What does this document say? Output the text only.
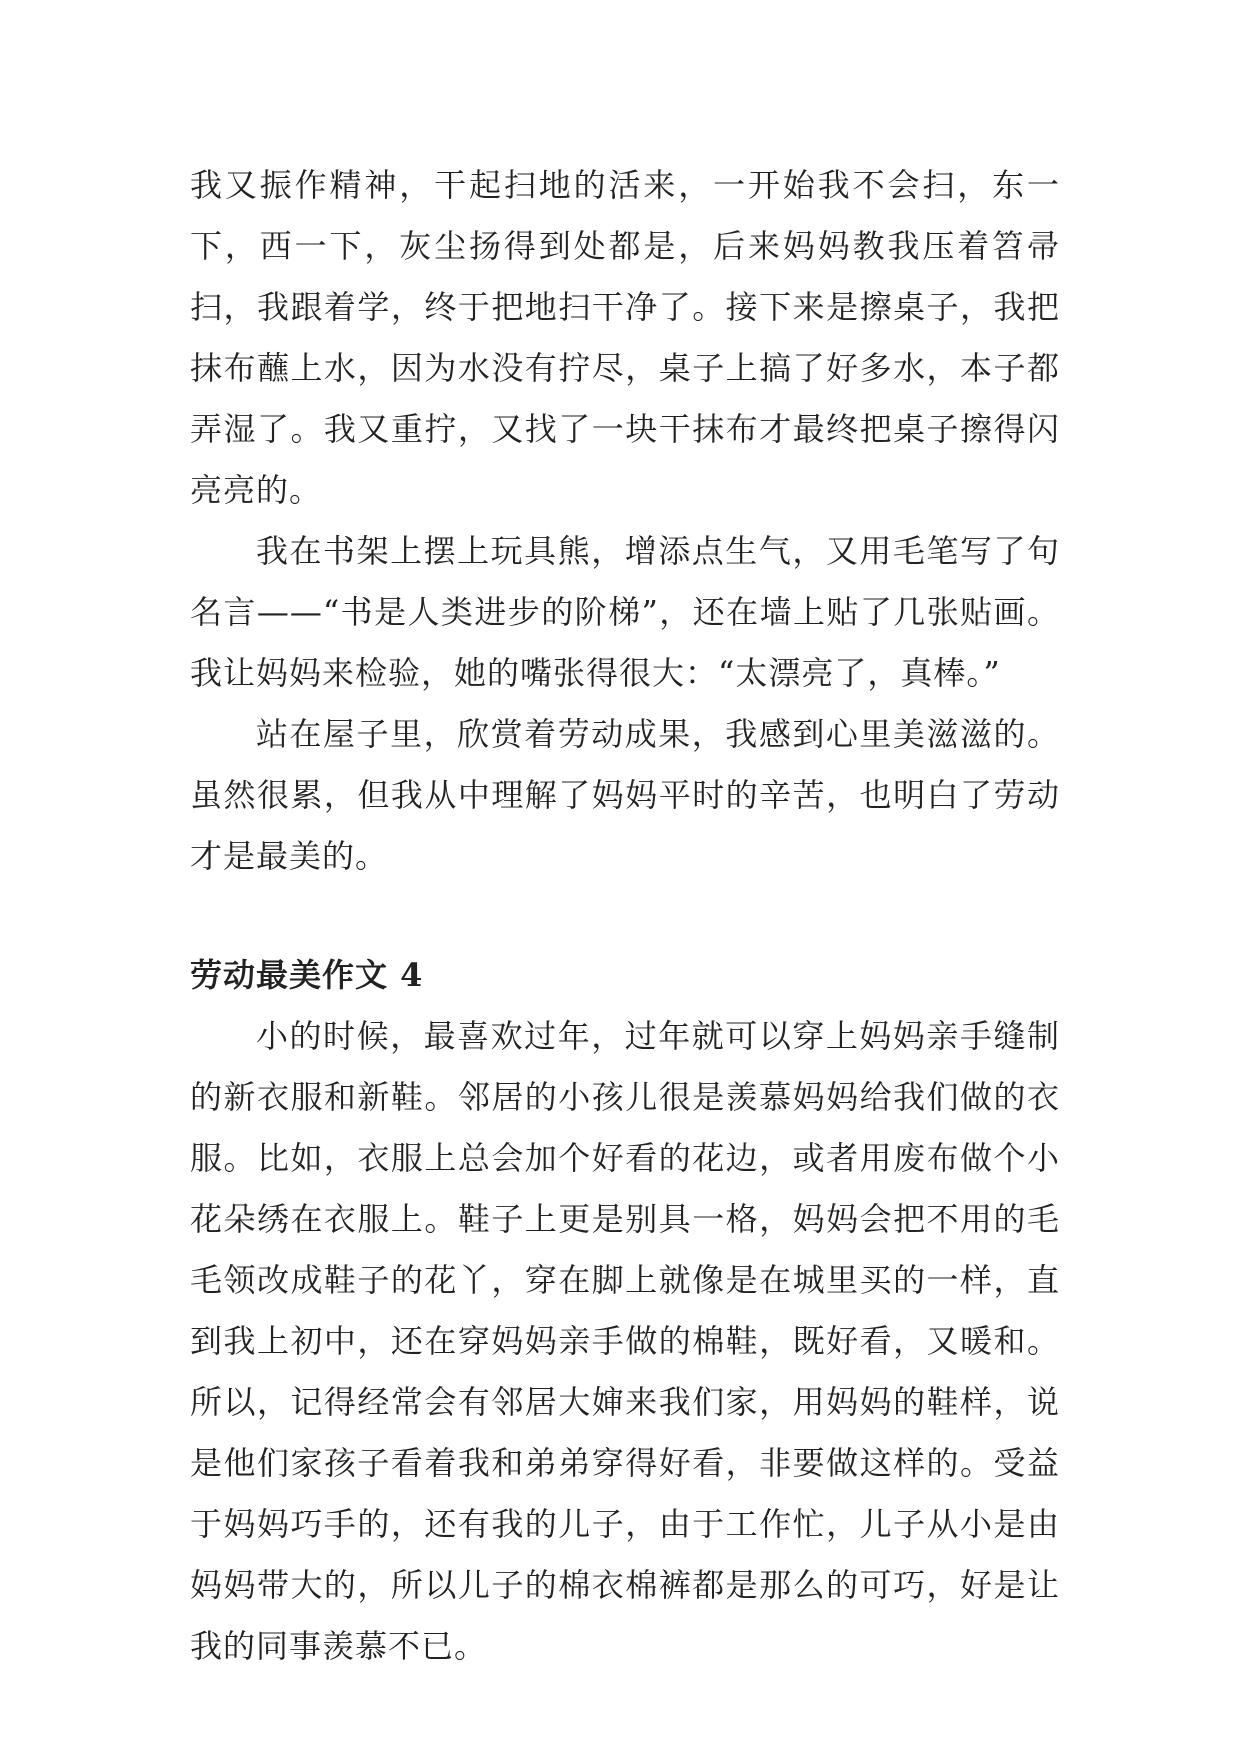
我又振作精神，干起扫地的活来，一开始我不会扫，东一下，西一下，灰尘扬得到处都是，后来妈妈教我压着笤帚扫，我跟着学，终于把地扫干净了。接下来是擦桌子，我把抹布蘸上水，因为水没有拧尽，桌子上搞了好多水，本子都弄湿了。我又重拧，又找了一块干抹布才最终把桌子擦得闪亮亮的。

我在书架上摆上玩具熊，增添点生气，又用毛笔写了句名言——“书是人类进步的阶梯”，还在墙上贴了几张贴画。我让妈妈来检验，她的嘴张得很大：“太漂亮了，真棒。”

站在屋子里，欣赏着劳动成果，我感到心里美滋滋的。虽然很累，但我从中理解了妈妈平时的辛苦，也明白了劳动才是最美的。

劳动最美作文 4

小的时候，最喜欢过年，过年就可以穿上妈妈亲手缝制的新衣服和新鞋。邻居的小孩儿很是羡慕妈妈给我们做的衣服。比如，衣服上总会加个好看的花边，或者用废布做个小花朵绣在衣服上。鞋子上更是别具一格，妈妈会把不用的毛毛领改成鞋子的花丫，穿在脚上就像是在城里买的一样，直到我上初中，还在穿妈妈亲手做的棉鞋，既好看，又暖和。所以，记得经常会有邻居大婶来我们家，用妈妈的鞋样，说是他们家孩子看着我和弟弟穿得好看，非要做这样的。受益于妈妈巧手的，还有我的儿子，由于工作忙，儿子从小是由妈妈带大的，所以儿子的棉衣棉裤都是那么的可巧，好是让我的同事羡慕不已。
